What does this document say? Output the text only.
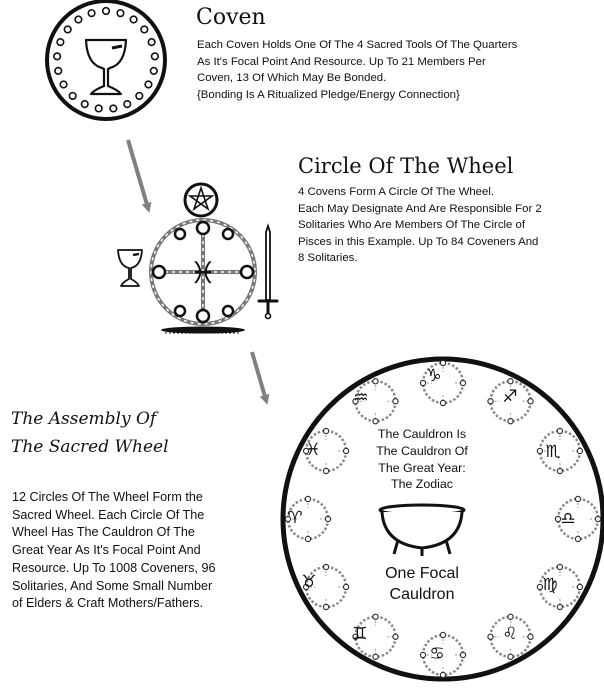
♓
Coven
Each Coven Holds One Of The 4 Sacred Tools Of The Quarters
As It's Focal Point And Resource. Up To 21 Members Per
Coven, 13 Of Which May Be Bonded.
{Bonding Is A Ritualized Pledge/Energy Connection}
Circle Of The Wheel
4 Covens Form A Circle Of The Wheel.
Each May Designate And Are Responsible For 2
Solitaries Who Are Members Of The Circle of
Pisces in this Example. Up To 84 Coveners And
8 Solitaries.
The Assembly Of
The Sacred Wheel
12 Circles Of The Wheel Form the
Sacred Wheel. Each Circle Of The
Wheel Has The Cauldron Of The
Great Year As It's Focal Point And
Resource. Up To 1008 Coveners, 96
Solitaries, And Some Small Number
of Elders & Craft Mothers/Fathers.
The Cauldron Is
The Cauldron Of
The Great Year:
The Zodiac
One Focal
Cauldron
♑
♐
♏
♎
♍
♌
♋
♊
♉
♈
♓
♒
